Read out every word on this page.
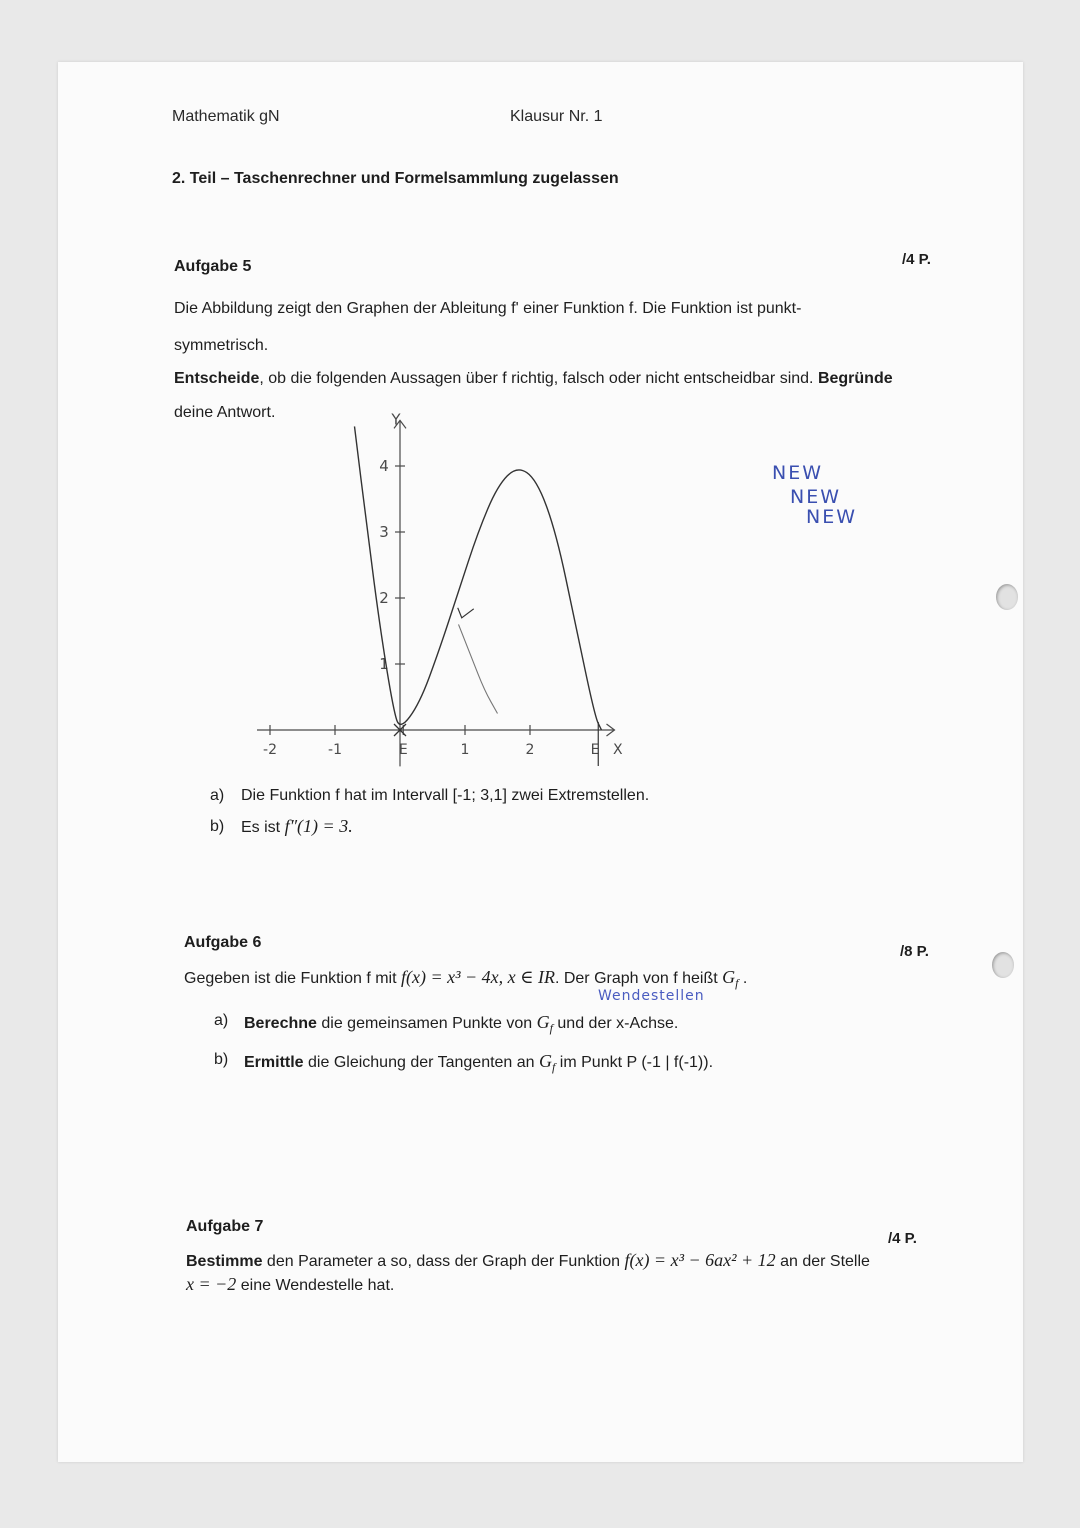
Mathematik gN	Klausur Nr. 1
2. Teil – Taschenrechner und Formelsammlung zugelassen
Aufgabe 5	/4 P.
Die Abbildung zeigt den Graphen der Ableitung f' einer Funktion f. Die Funktion ist punkt-
symmetrisch.
Entscheide, ob die folgenden Aussagen über f richtig, falsch oder nicht entscheidbar sind. Begründe
deine Antwort.	Y
1
2
3
4
-2	-1	E	1	2	E X
NEW
NEW
NEW
a) Die Funktion f hat im Intervall [-1; 3,1] zwei Extremstellen.
b) Es ist f″(1) = 3.
Aufgabe 6
/8 P.
Gegeben ist die Funktion f mit f(x) = x³ − 4x, x ∈ IR. Der Graph von f heißt $G_f$ .
Wendestellen
a) Berechne die gemeinsamen Punkte von $G_f$ und der x-Achse.
b) Ermittle die Gleichung der Tangenten an $G_f$ im Punkt P (-1 | f(-1)).
Aufgabe 7
/4 P.
Bestimme den Parameter a so, dass der Graph der Funktion f(x) = x³ − 6ax² + 12 an der Stelle
x = −2 eine Wendestelle hat.
